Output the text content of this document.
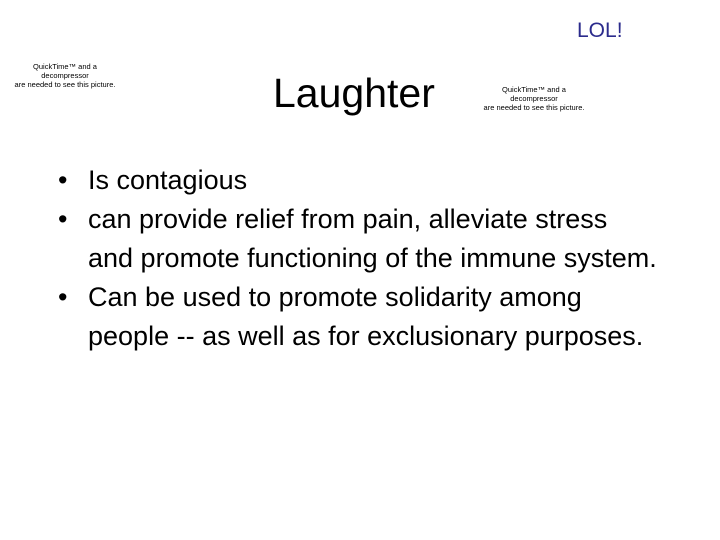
LOL!
QuickTime™ and a
decompressor
are needed to see this picture.	Laughter	QuickTime™ and a
decompressor
are needed to see this picture.
• Is contagious
• can provide relief from pain, alleviate stress and promote functioning of the immune system.
• Can be used to promote solidarity among people -- as well as for exclusionary purposes.
